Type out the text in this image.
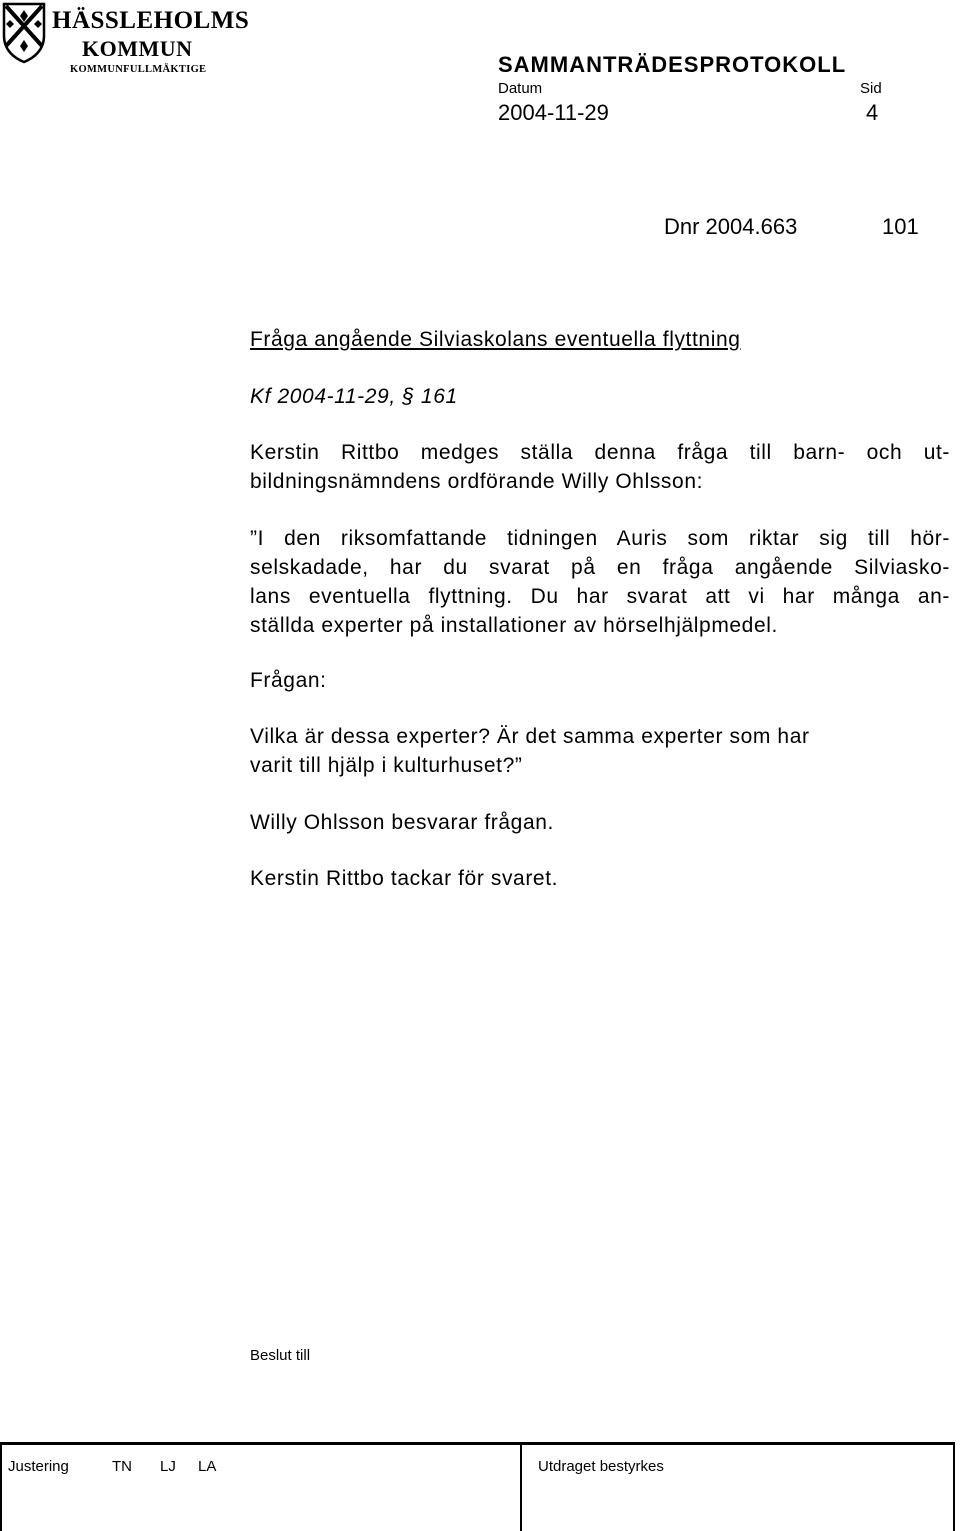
HÄSSLEHOLMS
KOMMUN
KOMMUNFULLMÄKTIGE	SAMMANTRÄDESPROTOKOLL
Datum	Sid
2004-11-29	4
Dnr 2004.663	101
Fråga angående Silviaskolans eventuella flyttning
Kf 2004-11-29, § 161
Kerstin Rittbo medges ställa denna fråga till barn- och ut-
bildningsnämndens ordförande Willy Ohlsson:
”I den riksomfattande tidningen Auris som riktar sig till hör-
selskadade, har du svarat på en fråga angående Silviasko-
lans eventuella flyttning. Du har svarat att vi har många an-
ställda experter på installationer av hörselhjälpmedel.
Frågan:
Vilka är dessa experter? Är det samma experter som har
varit till hjälp i kulturhuset?”
Willy Ohlsson besvarar frågan.
Kerstin Rittbo tackar för svaret.
Beslut till
Justering	TN LJ LA	Utdraget bestyrkes
